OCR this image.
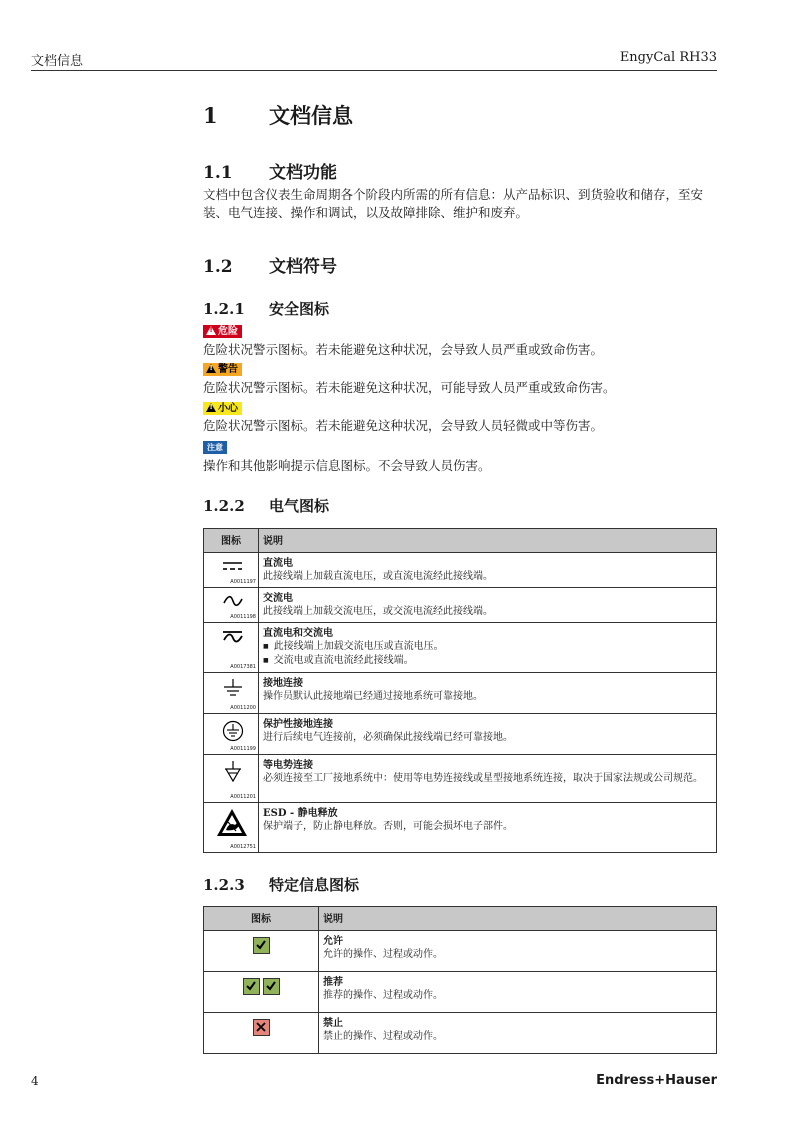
文档信息	EngyCal RH33
1 文档信息
1.1 文档功能
文档中包含仪表生命周期各个阶段内所需的所有信息：从产品标识、到货验收和储存，至安装、电气连接、操作和调试，以及故障排除、维护和废弃。
1.2 文档符号
1.2.1 安全图标
!危险
危险状况警示图标。若未能避免这种状况，会导致人员严重或致命伤害。
!警告
危险状况警示图标。若未能避免这种状况，可能导致人员严重或致命伤害。
!小心
危险状况警示图标。若未能避免这种状况，会导致人员轻微或中等伤害。
注意
操作和其他影响提示信息图标。不会导致人员伤害。
1.2.2 电气图标
图标	说明

A0011197	直流电
此接线端上加载直流电压，或直流电流经此接线端。

A0011198	交流电
此接线端上加载交流电压，或交流电流经此接线端。

A0017381	直流电和交流电
■ 此接线端上加载交流电压或直流电压。
■ 交流电或直流电流经此接线端。

A0011200	接地连接
操作员默认此接地端已经通过接地系统可靠接地。

A0011199	保护性接地连接
进行后续电气连接前，必须确保此接线端已经可靠接地。

A0011201	等电势连接
必须连接至工厂接地系统中：使用等电势连接线或星型接地系统连接，取决于国家法规或公司规范。

A0012751	ESD - 静电释放
保护端子，防止静电释放。否则，可能会损坏电子部件。
1.2.3 特定信息图标
图标	说明

允许
允许的操作、过程或动作。

推荐
推荐的操作、过程或动作。

禁止
禁止的操作、过程或动作。
4	Endress+Hauser
